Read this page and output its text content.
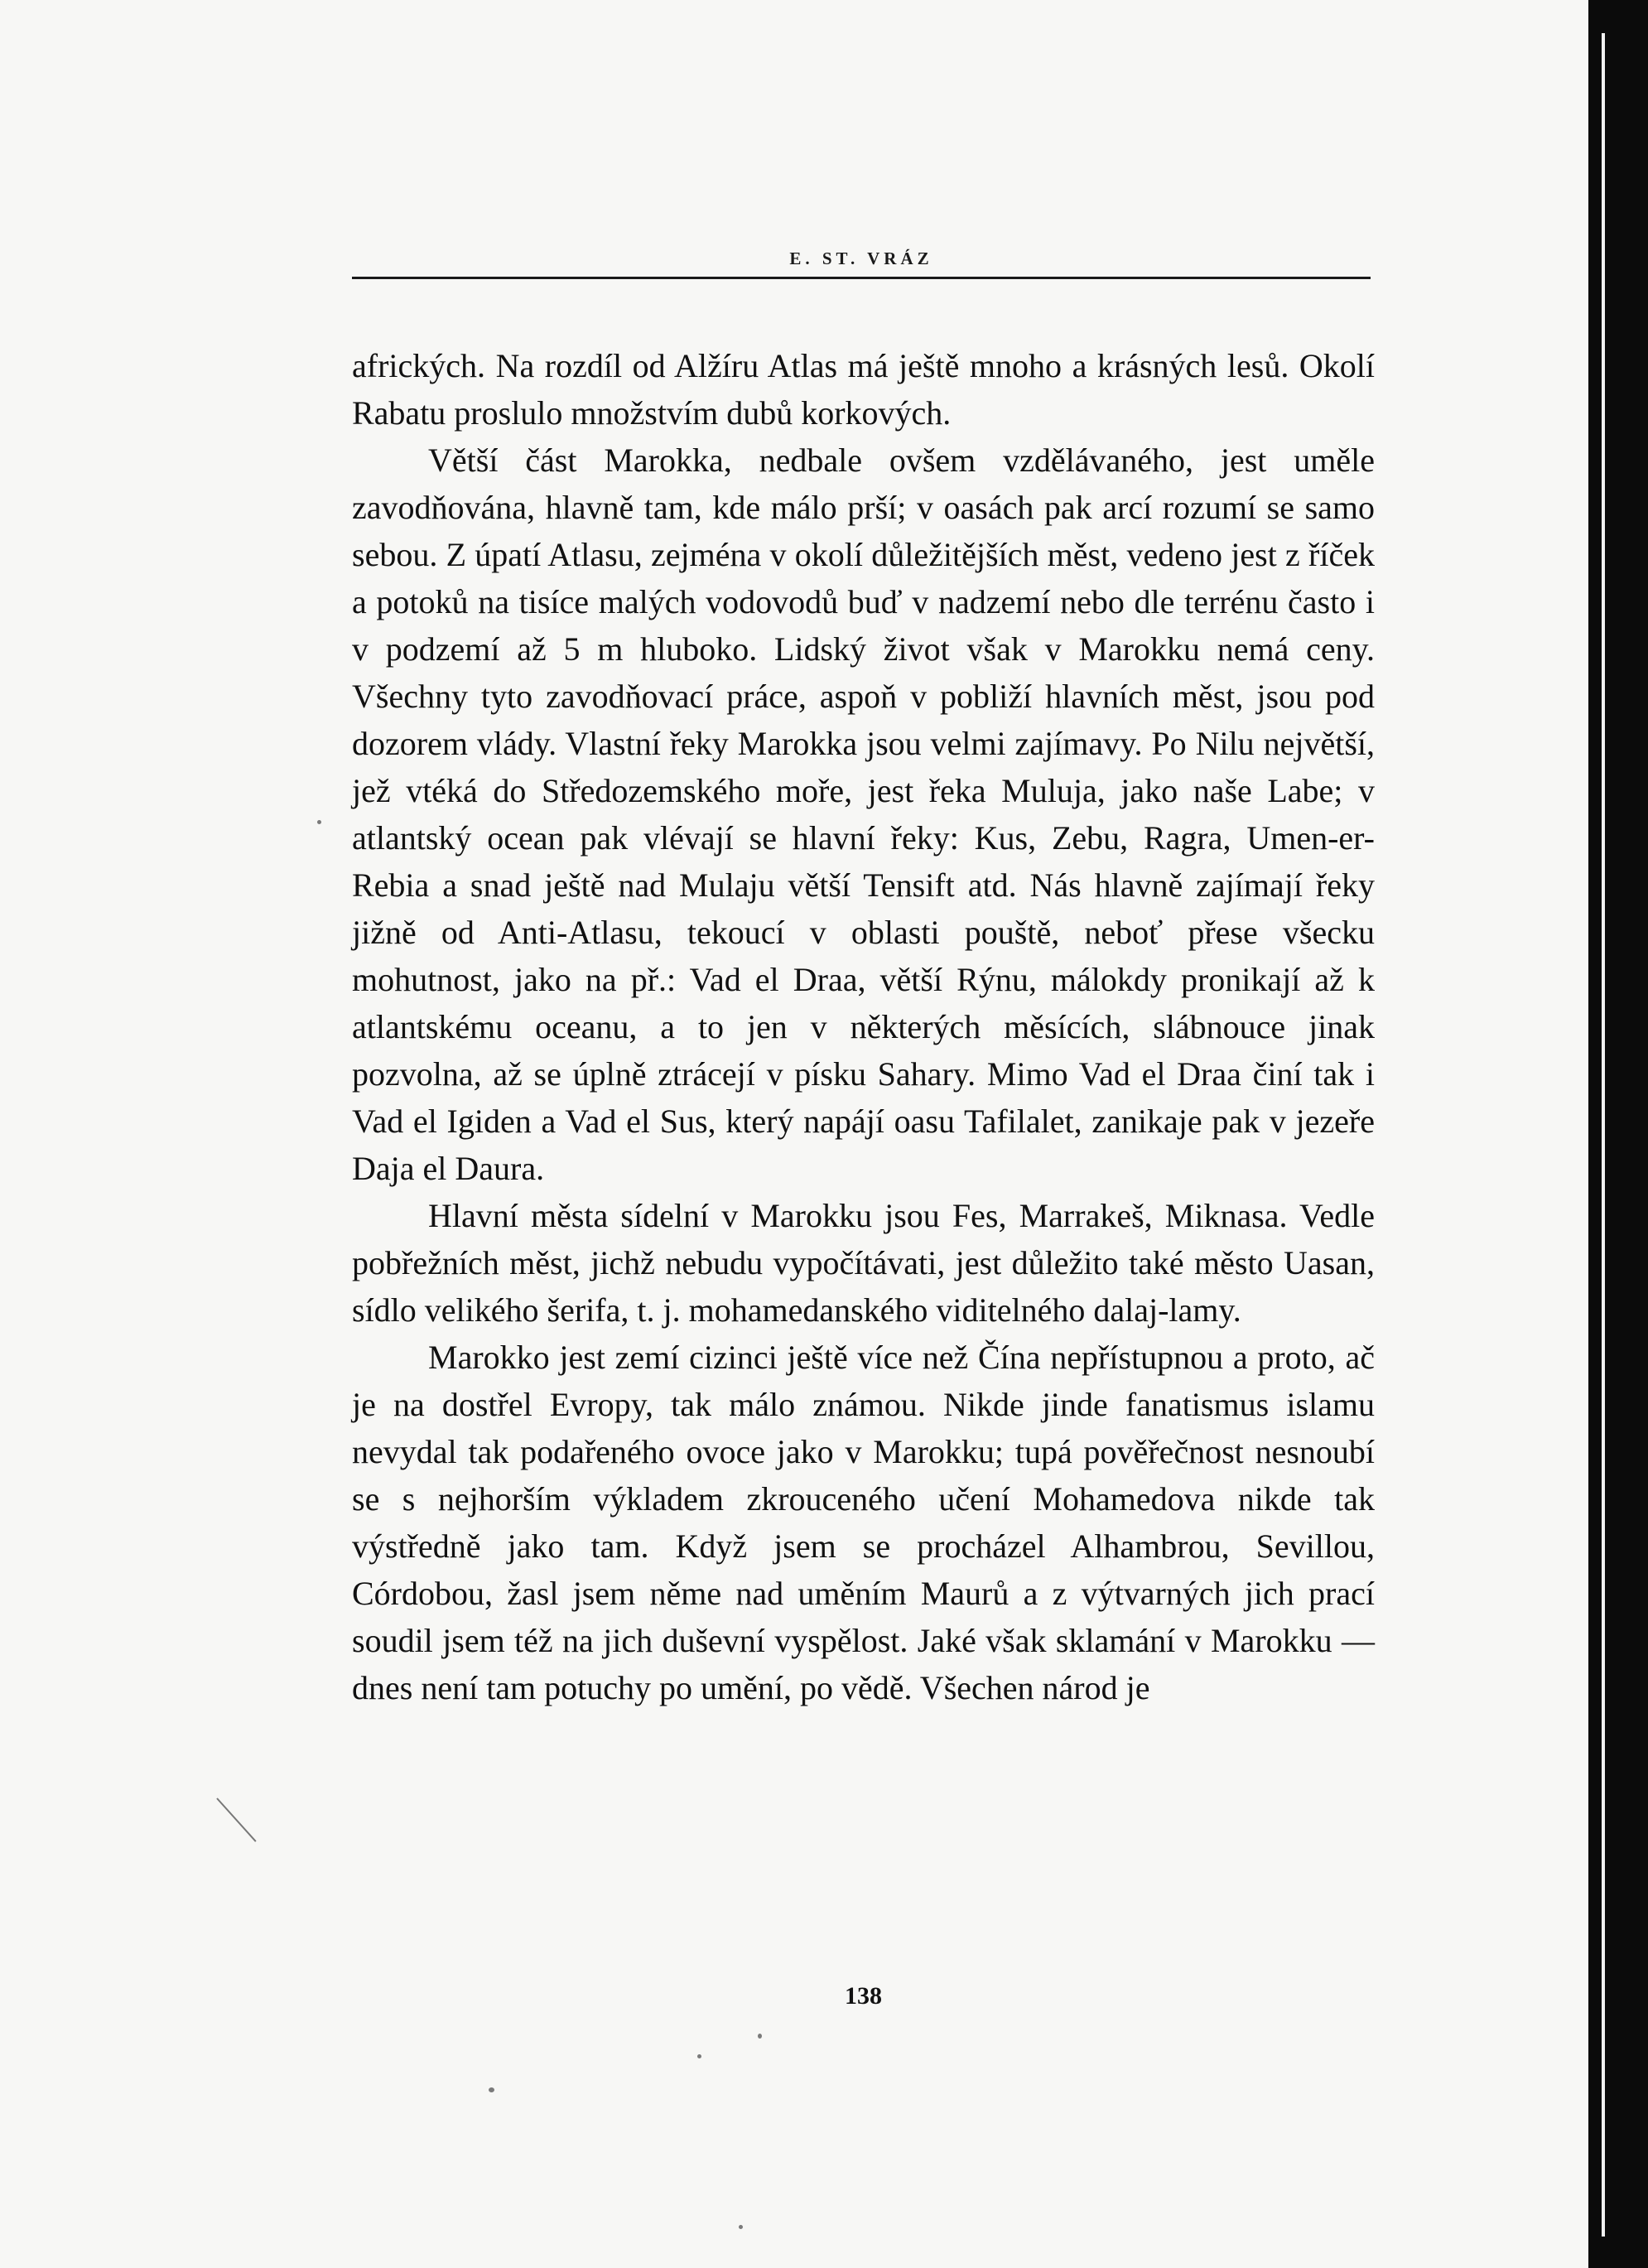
E. ST. VRÁZ

afrických. Na rozdíl od Alžíru Atlas má ještě mnoho a krásných lesů. Okolí Rabatu proslulo množstvím dubů korkových.

Větší část Marokka, nedbale ovšem vzdělávaného, jest uměle zavodňována, hlavně tam, kde málo prší; v oasách pak arcí rozumí se samo sebou. Z úpatí Atlasu, zejména v okolí důležitějších měst, vedeno jest z říček a potoků na tisíce malých vodovodů buď v nadzemí nebo dle terrénu často i v podzemí až 5 m hluboko. Lidský život však v Marokku nemá ceny. Všechny tyto zavodňovací práce, aspoň v pobliží hlavních měst, jsou pod dozorem vlády. Vlastní řeky Marokka jsou velmi zajímavy. Po Nilu největší, jež vtéká do Středozemského moře, jest řeka Muluja, jako naše Labe; v atlantský ocean pak vlévají se hlavní řeky: Kus, Zebu, Ragra, Umen-er-Rebia a snad ještě nad Mulaju větší Tensift atd. Nás hlavně zajímají řeky jižně od Anti-Atlasu, tekoucí v oblasti pouště, neboť přese všecku mohutnost, jako na př.: Vad el Draa, větší Rýnu, málokdy pronikají až k atlantskému oceanu, a to jen v některých měsících, slábnouce jinak pozvolna, až se úplně ztrácejí v písku Sahary. Mimo Vad el Draa činí tak i Vad el Igiden a Vad el Sus, který napájí oasu Tafilalet, zanikaje pak v jezeře Daja el Daura.

Hlavní města sídelní v Marokku jsou Fes, Marrakeš, Miknasa. Vedle pobřežních měst, jichž nebudu vypočítávati, jest důležito také město Uasan, sídlo velikého šerifa, t. j. mohamedanského viditelného dalaj-lamy.

Marokko jest zemí cizinci ještě více než Čína nepřístupnou a proto, ač je na dostřel Evropy, tak málo známou. Nikde jinde fanatismus islamu nevydal tak podařeného ovoce jako v Marokku; tupá pověřečnost nesnoubí se s nejhorším výkladem zkrouceného učení Mohamedova nikde tak výstředně jako tam. Když jsem se procházel Alhambrou, Sevillou, Córdobou, žasl jsem něme nad uměním Maurů a z výtvarných jich prací soudil jsem též na jich duševní vyspělost. Jaké však sklamání v Marokku — dnes není tam potuchy po umění, po vědě. Všechen národ je

138
